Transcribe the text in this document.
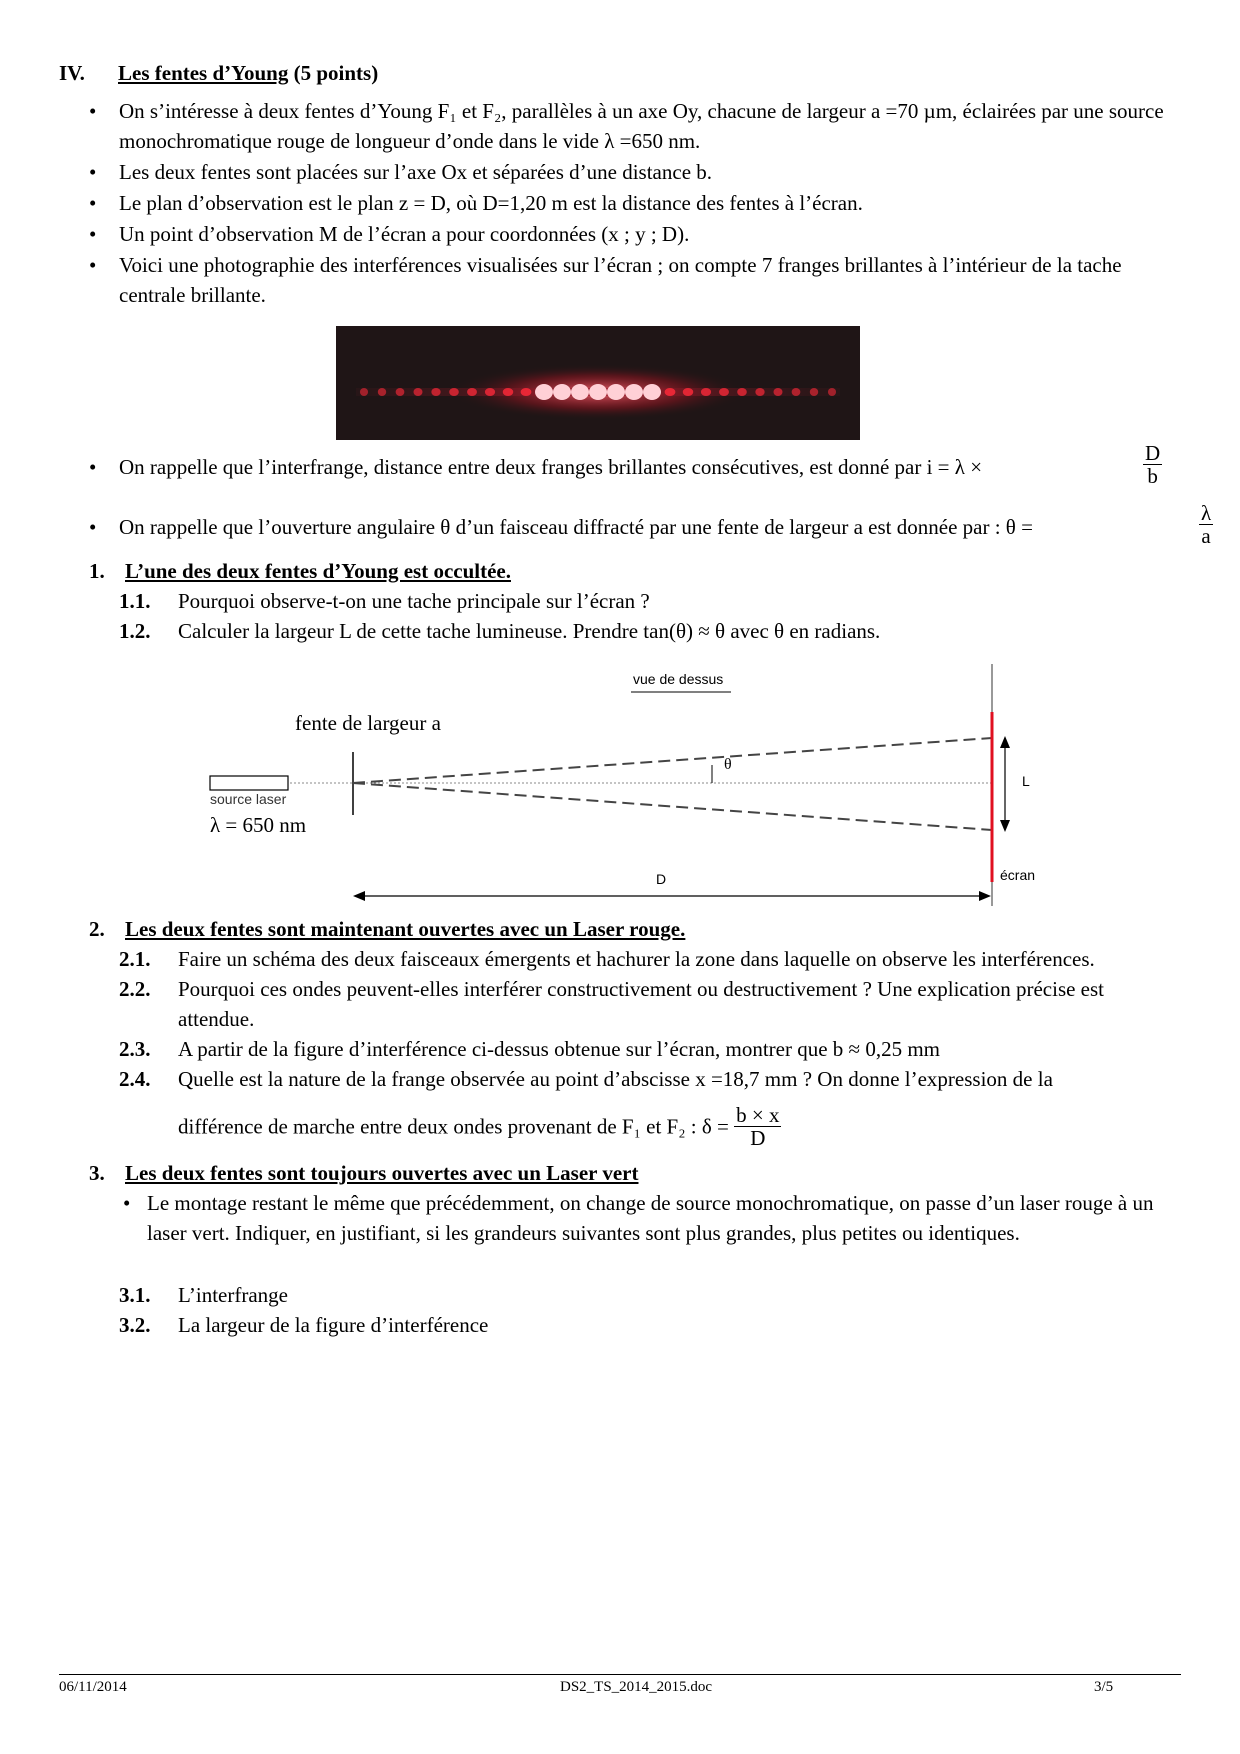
IV. Les fentes d’Young (5 points)
• On s’intéresse à deux fentes d’Young F₁ et F₂, parallèles à un axe Oy, chacune de largeur a =70 µm, éclairées par une source monochromatique rouge de longueur d’onde dans le vide λ =650 nm.
• Les deux fentes sont placées sur l’axe Ox et séparées d’une distance b.
• Le plan d’observation est le plan z = D, où D=1,20 m est la distance des fentes à l’écran.
• Un point d’observation M de l’écran a pour coordonnées (x ; y ; D).
• Voici une photographie des interférences visualisées sur l’écran ; on compte 7 franges brillantes à l’intérieur de la tache centrale brillante.
• On rappelle que l’interfrange, distance entre deux franges brillantes consécutives, est donné par i = λ ×	$\frac{D}{b}$
• On rappelle que l’ouverture angulaire θ d’un faisceau diffracté par une fente de largeur a est donnée par : θ =	$\frac{\lambda}{a}$
1. L’une des deux fentes d’Young est occultée.
1.1. Pourquoi observe-t-on une tache principale sur l’écran ?
1.2. Calculer la largeur L de cette tache lumineuse. Prendre tan(θ) ≈ θ avec θ en radians.
vue de dessus
fente de largeur a
source laser
λ = 650 nm
θ
L
D	écran
2. Les deux fentes sont maintenant ouvertes avec un Laser rouge.
2.1. Faire un schéma des deux faisceaux émergents et hachurer la zone dans laquelle on observe les interférences.
2.2. Pourquoi ces ondes peuvent-elles interférer constructivement ou destructivement ? Une explication précise est attendue.
2.3. A partir de la figure d’interférence ci-dessus obtenue sur l’écran, montrer que b ≈ 0,25 mm
2.4. Quelle est la nature de la frange observée au point d’abscisse x =18,7 mm ? On donne l’expression de la
différence de marche entre deux ondes provenant de F₁ et F₂ : $\delta = \frac{b \times x}{D}$
3. Les deux fentes sont toujours ouvertes avec un Laser vert
• Le montage restant le même que précédemment, on change de source monochromatique, on passe d’un laser rouge à un laser vert. Indiquer, en justifiant, si les grandeurs suivantes sont plus grandes, plus petites ou identiques.
3.1. L’interfrange
3.2. La largeur de la figure d’interférence
06/11/2014	DS2_TS_2014_2015.doc	3/5
